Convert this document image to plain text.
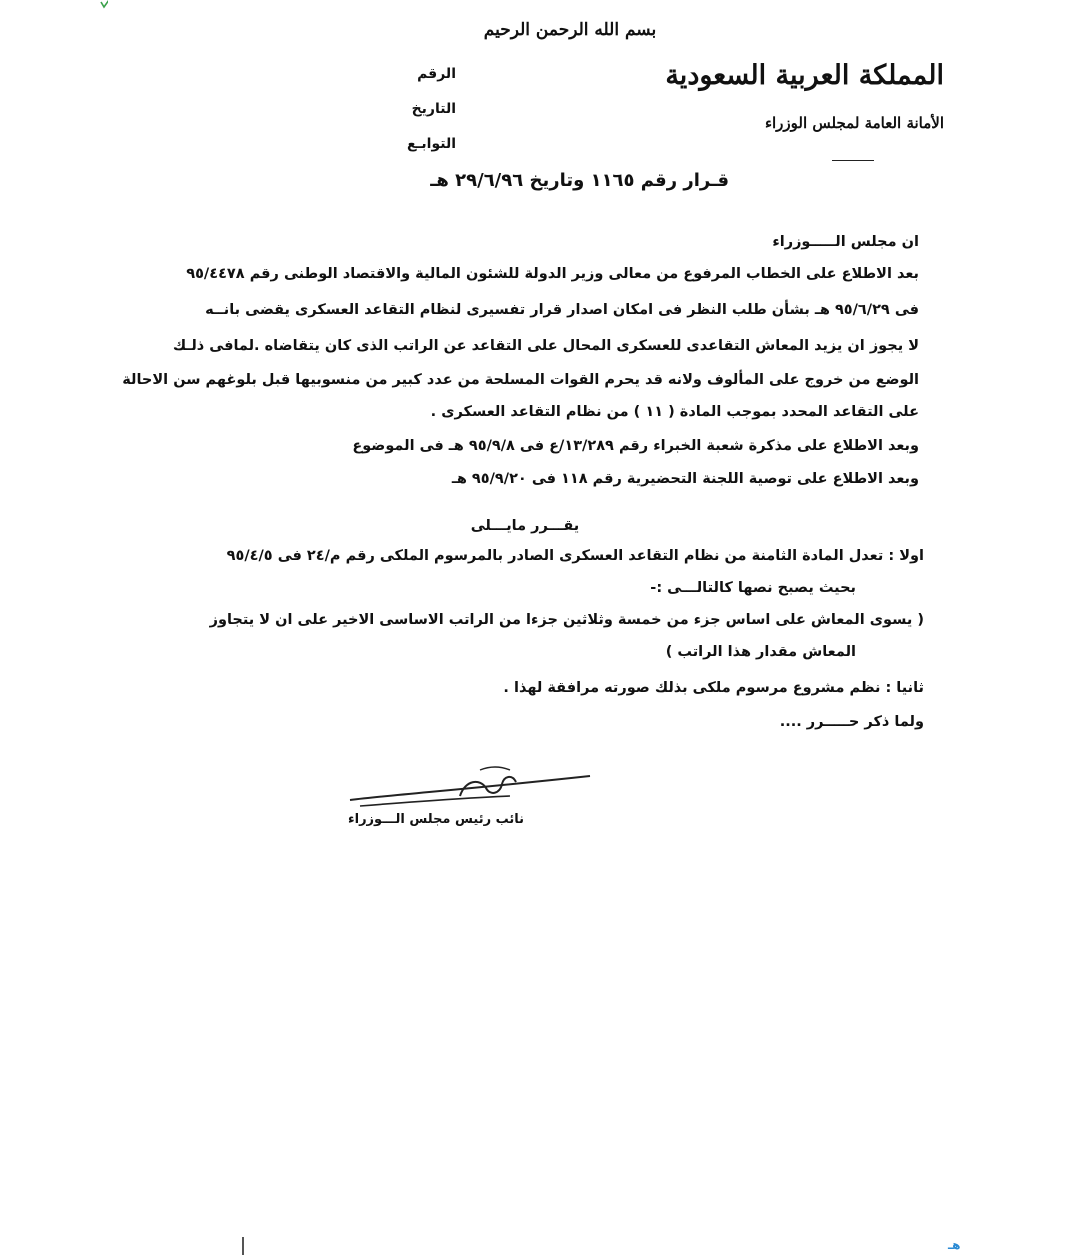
بسم الله الرحمن الرحيم
المملكة العربية السعودية
الأمانة العامة لمجلس الوزراء
الرقم
التاريخ
التوابـع
قـرار رقم ١١٦٥ وتاريخ ٢٩/٦/٩٦ هـ
ان مجلس الـــــوزراء
بعد الاطلاع على الخطاب المرفوع من معالى وزير الدولة للشئون المالية والاقتصاد الوطنى رقم ٩٥/٤٤٧٨
فى ٩٥/٦/٢٩ هـ بشأن طلب النظر فى امكان اصدار قرار تفسيرى لنظام التقاعد العسكرى يقضى بانــه
لا يجوز ان يزيد المعاش التقاعدى للعسكرى المحال على التقاعد عن الراتب الذى كان يتقاضاه .لمافى ذلـك
الوضع من خروج على المألوف ولانه قد يحرم القوات المسلحة من عدد كبير من منسوبيها قبل بلوغهم سن الاحالة
على التقاعد المحدد بموجب المادة ( ١١ ) من نظام التقاعد العسكرى .
وبعد الاطلاع على مذكرة شعبة الخبراء رقم ١٣/٢٨٩/ع فى ٩٥/٩/٨ هـ فى الموضوع
وبعد الاطلاع على توصية اللجنة التحضيرية رقم ١١٨ فى ٩٥/٩/٢٠ هـ
يقـــرر مايـــلى
اولا : تعدل المادة الثامنة من نظام التقاعد العسكرى الصادر بالمرسوم الملكى رقم م/٢٤ فى ٩٥/٤/٥
بحيث يصبح نصها كالتالـــى :-
( يسوى المعاش على اساس جزء من خمسة وثلاثين جزءا من الراتب الاساسى الاخير على ان لا يتجاوز
المعاش مقدار هذا الراتب )
ثانيا : نظم مشروع مرسوم ملكى بذلك صورته مرافقة لهذا .
ولما ذكر حـــــرر ....
نائب رئيس مجلس الـــوزراء
هـ
